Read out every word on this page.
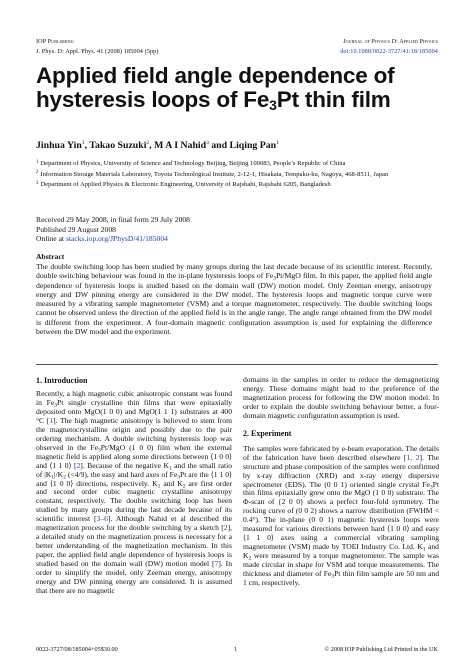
IOP Publishing	Journal of Physics D: Applied Physics
J. Phys. D: Appl. Phys. 41 (2008) 185004 (5pp)	doi:10.1088/0022-3727/41/18/185004
Applied field angle dependence of
hysteresis loops of $Fe_3Pt$ thin film
Jinhua Yin$^1$, Takao Suzuki$^2$, M A I Nahid$^3$ and Liqing Pan$^1$
$^1$ Department of Physics, University of Science and Technology Beijing, Beijing 100083, People’s Republic of China
$^2$ Information Storage Materials Laboratory, Toyota Technological Institute, 2-12-1, Hisakata, Tempaku-ku, Nagoya, 468-8511, Japan
$^3$ Department of Applied Physics & Electronic Engineering, University of Rajshahi, Rajshahi 6205, Bangladesh
Received 29 May 2008, in final form 29 July 2008
Published 29 August 2008
Online at stacks.iop.org/JPhysD/41/185004
Abstract
The double switching loop has been studied by many groups during the last decade because of its scientific interest. Recently, double switching behaviour was found in the in-plane hysteresis loops of $Fe_3Pt$/MgO film. In this paper, the applied field angle dependence of hysteresis loops is studied based on the domain wall (DW) motion model. Only Zeeman energy, anisotropy energy and DW pinning energy are considered in the DW model. The hysteresis loops and magnetic torque curve were measured by a vibrating sample magnetometer (VSM) and a torque magnetometer, respectively. The double switching loops cannot be observed unless the direction of the applied field is in the angle range. The angle range obtained from the DW model is different from the experiment. A four-domain magnetic configuration assumption is used for explaining the difference between the DW model and the experiment.
1. Introduction

Recently, a high magnetic cubic anisotropic constant was found in $Fe_3Pt$ single crystalline thin films that were epitaxially deposited onto MgO(1 0 0) and MgO(1 1 1) substrates at 400 °C [1]. The high magnetic anisotropy is believed to stem from the magnetocrystalline origin and possibly due to the pair ordering mechanism. A double switching hysteresis loop was observed in the $Fe_3Pt$/MgO (1 0 0) film when the external magnetic field is applied along some directions between ⟨1 0 0⟩ and ⟨1 1 0⟩ [2]. Because of the negative $K_1$ and the small ratio of $|K_1|/K_2$ (<4/9), the easy and hard axes of $Fe_3Pt$ are the ⟨1 1 0⟩ and ⟨1 0 0⟩ directions, respectively. $K_1$ and $K_2$ are first order and second order cubic magnetic crystalline anisotropy constant, respectively. The double switching loop has been studied by many groups during the last decade because of its scientific interest [3–6]. Although Nahid et al described the magnetization process for the double switching by a sketch [2], a detailed study on the magnetization process is necessary for a better understanding of the magnetization mechanism. In this paper, the applied field angle dependence of hysteresis loops is studied based on the domain wall (DW) motion model [7]. In order to simplify the model, only Zeeman energy, anisotropy energy and DW pinning energy are considered. It is assumed that there are no magnetic

domains in the samples in order to reduce the demagnetizing energy. These domains might lead to the preference of the magnetization process for following the DW motion model. In order to explain the double switching behaviour better, a four-domain magnetic configuration assumption is used.

2. Experiment

The samples were fabricated by e-beam evaporation. The details of the fabrication have been described elsewhere [1, 2]. The structure and phase composition of the samples were confirmed by x-ray diffraction (XRD) and x-ray energy dispersive spectrometer (EDS). The (0 0 1) oriented single crystal $Fe_3Pt$ thin films epitaxially grew onto the MgO (1 0 0) substrate. The Φ-scan of {2 0 0} shows a perfect four-fold symmetry. The rocking curve of (0 0 2) shows a narrow distribution (FWHM < 0.4°). The in-plane (0 0 1) magnetic hysteresis loops were measured for various directions between hard ⟨1 0 0⟩ and easy ⟨1 1 0⟩ axes using a commercial vibrating sampling magnetometer (VSM) made by TOEI Industry Co. Ltd. $K_1$ and $K_2$ were measured by a torque magnetometer. The sample was made circular in shape for VSM and torque measurements. The thickness and diameter of $Fe_3Pt$ thin film sample are 50 nm and 1 cm, respectively.

0022-3727/08/185004+05$30.00	1	© 2008 IOP Publishing Ltd Printed in the UK
